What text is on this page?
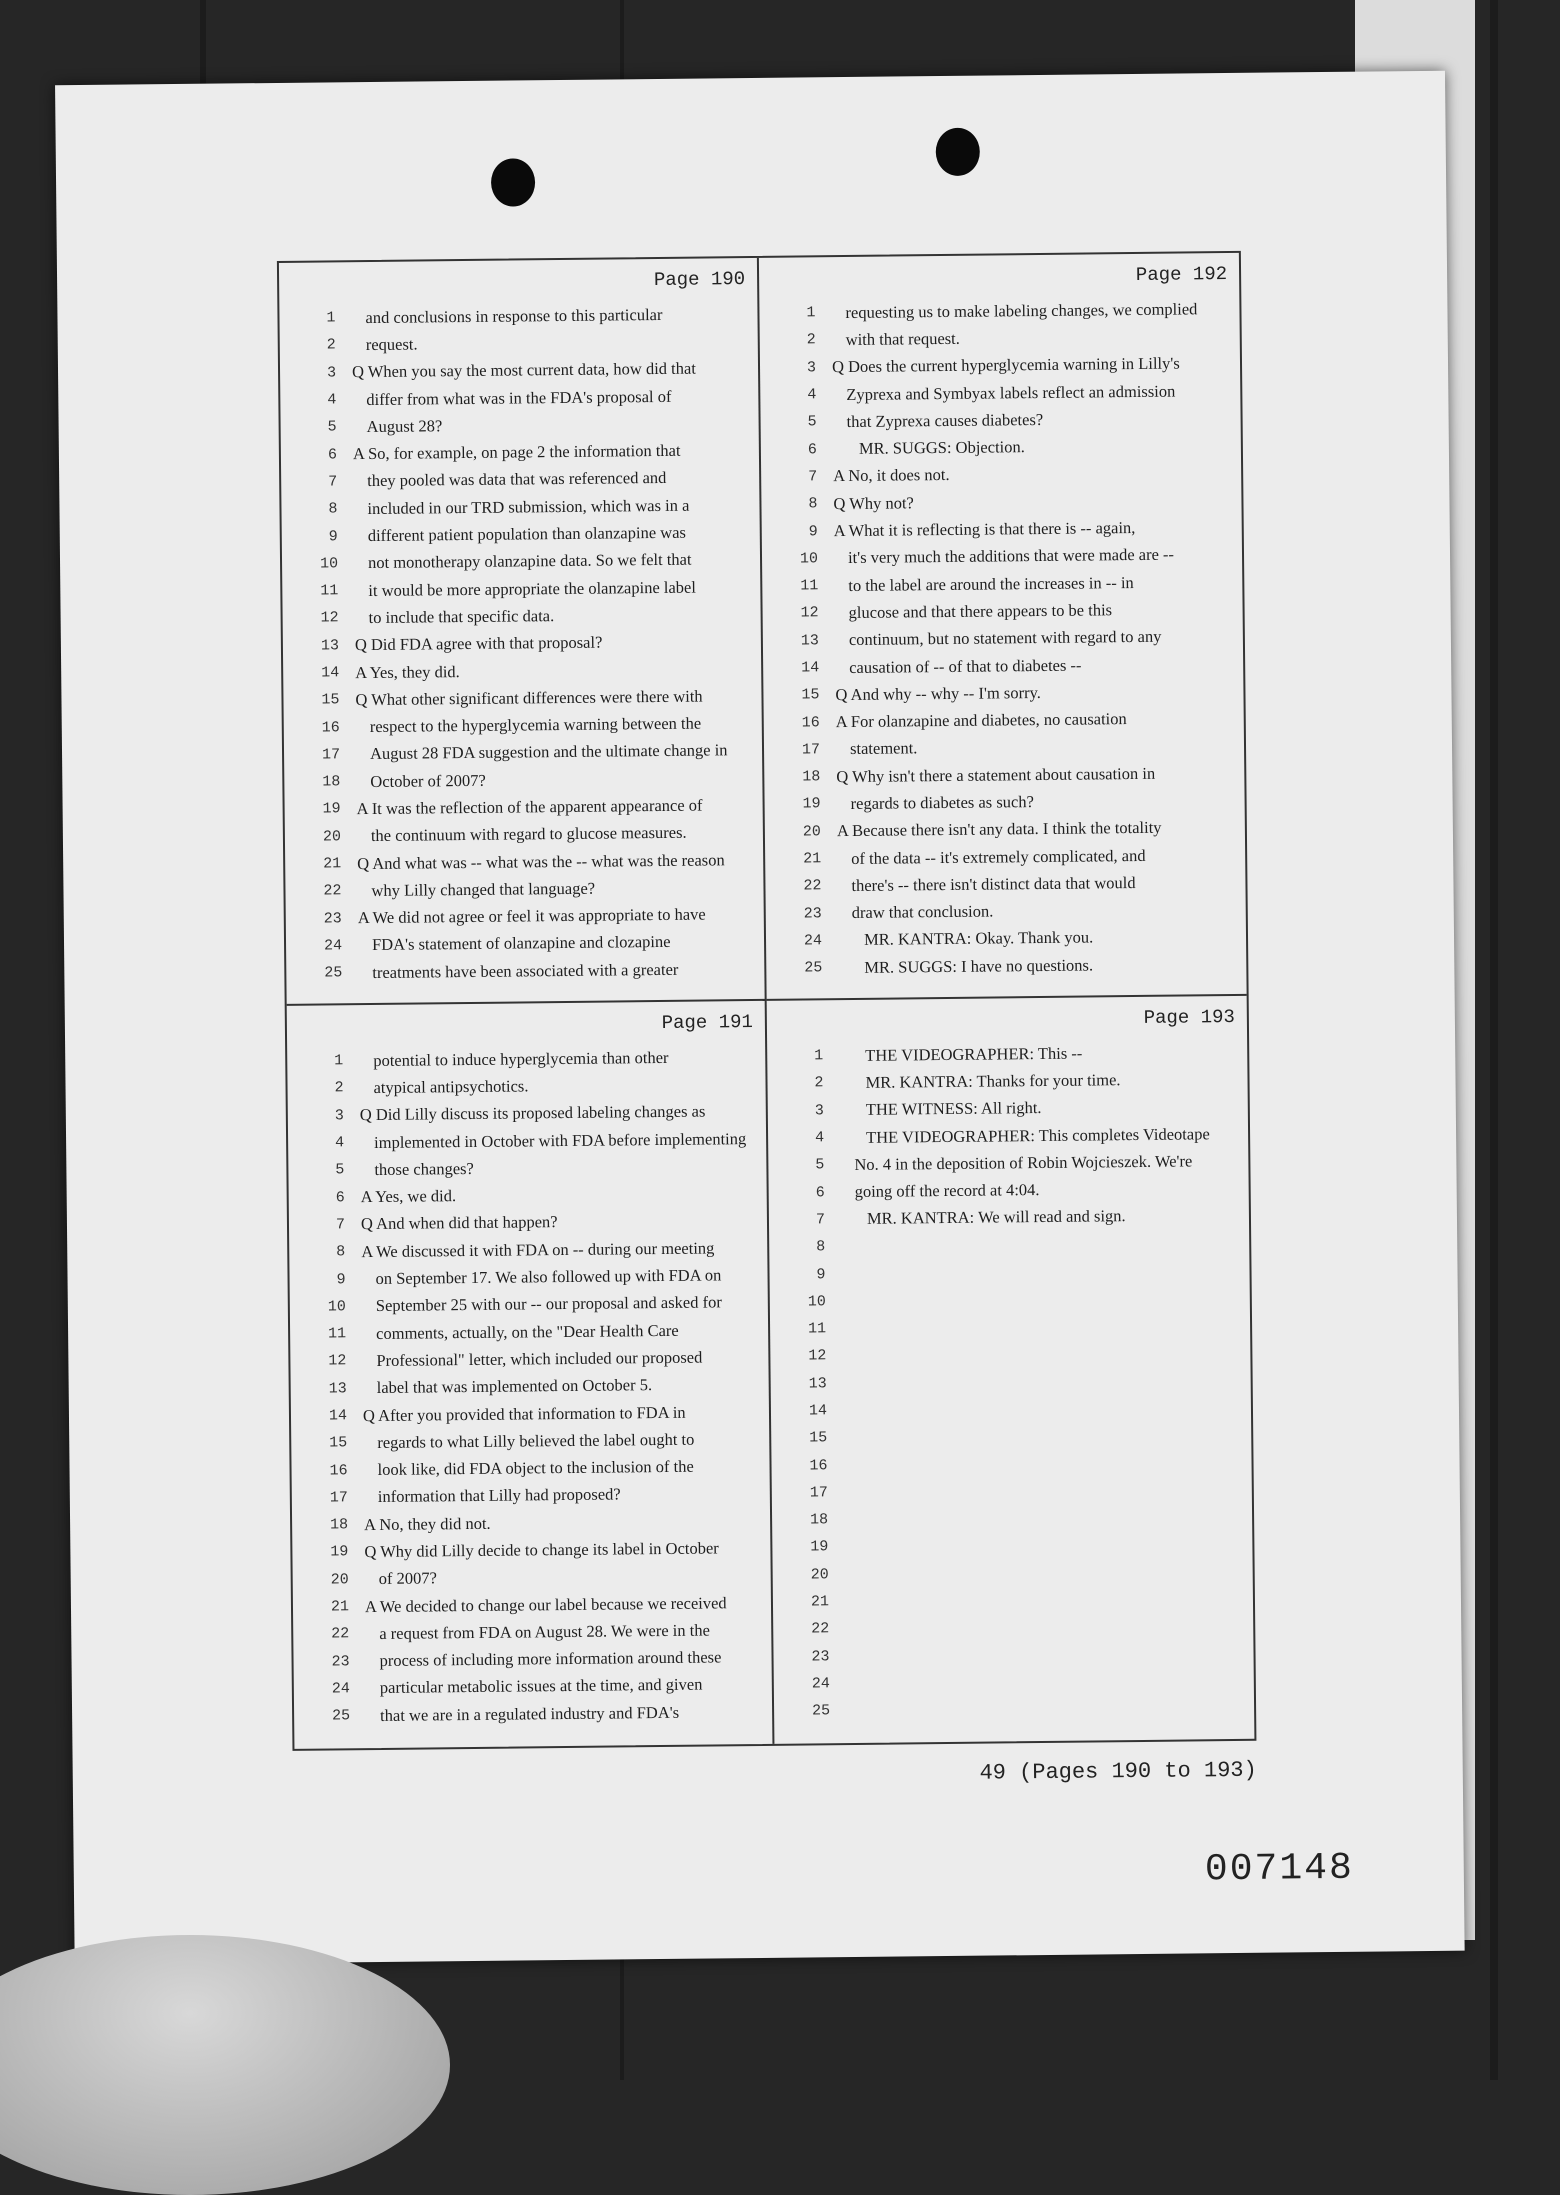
Page 190
1	and conclusions in response to this particular
2	request.
3 Q When you say the most current data, how did that
4	differ from what was in the FDA's proposal of
5	August 28?
6 A So, for example, on page 2 the information that
7	they pooled was data that was referenced and
8	included in our TRD submission, which was in a
9	different patient population than olanzapine was
10	not monotherapy olanzapine data. So we felt that
11	it would be more appropriate the olanzapine label
12	to include that specific data.
13 Q Did FDA agree with that proposal?
14 A Yes, they did.
15 Q What other significant differences were there with
16	respect to the hyperglycemia warning between the
17	August 28 FDA suggestion and the ultimate change in
18	October of 2007?
19 A It was the reflection of the apparent appearance of
20	the continuum with regard to glucose measures.
21 Q And what was -- what was the -- what was the reason
22	why Lilly changed that language?
23 A We did not agree or feel it was appropriate to have
24	FDA's statement of olanzapine and clozapine
25	treatments have been associated with a greater
Page 192
1	requesting us to make labeling changes, we complied
2	with that request.
3 Q Does the current hyperglycemia warning in Lilly's
4	Zyprexa and Symbyax labels reflect an admission
5	that Zyprexa causes diabetes?
6	MR. SUGGS: Objection.
7 A No, it does not.
8 Q Why not?
9 A What it is reflecting is that there is -- again,
10	it's very much the additions that were made are --
11	to the label are around the increases in -- in
12	glucose and that there appears to be this
13	continuum, but no statement with regard to any
14	causation of -- of that to diabetes --
15 Q And why -- why -- I'm sorry.
16 A For olanzapine and diabetes, no causation
17	statement.
18 Q Why isn't there a statement about causation in
19	regards to diabetes as such?
20 A Because there isn't any data. I think the totality
21	of the data -- it's extremely complicated, and
22	there's -- there isn't distinct data that would
23	draw that conclusion.
24	MR. KANTRA: Okay. Thank you.
25	MR. SUGGS: I have no questions.
Page 191
1	potential to induce hyperglycemia than other
2	atypical antipsychotics.
3 Q Did Lilly discuss its proposed labeling changes as
4	implemented in October with FDA before implementing
5	those changes?
6 A Yes, we did.
7 Q And when did that happen?
8 A We discussed it with FDA on -- during our meeting
9	on September 17. We also followed up with FDA on
10	September 25 with our -- our proposal and asked for
11	comments, actually, on the "Dear Health Care
12	Professional" letter, which included our proposed
13	label that was implemented on October 5.
14 Q After you provided that information to FDA in
15	regards to what Lilly believed the label ought to
16	look like, did FDA object to the inclusion of the
17	information that Lilly had proposed?
18 A No, they did not.
19 Q Why did Lilly decide to change its label in October
20	of 2007?
21 A We decided to change our label because we received
22	a request from FDA on August 28. We were in the
23	process of including more information around these
24	particular metabolic issues at the time, and given
25	that we are in a regulated industry and FDA's
Page 193
1	THE VIDEOGRAPHER: This --
2	MR. KANTRA: Thanks for your time.
3	THE WITNESS: All right.
4	THE VIDEOGRAPHER: This completes Videotape
5	No. 4 in the deposition of Robin Wojcieszek. We're
6	going off the record at 4:04.
7	MR. KANTRA: We will read and sign.
8
9
10
11
12
13
14
15
16
17
18
19
20
21
22
23
24
25
49 (Pages 190 to 193)
007148
